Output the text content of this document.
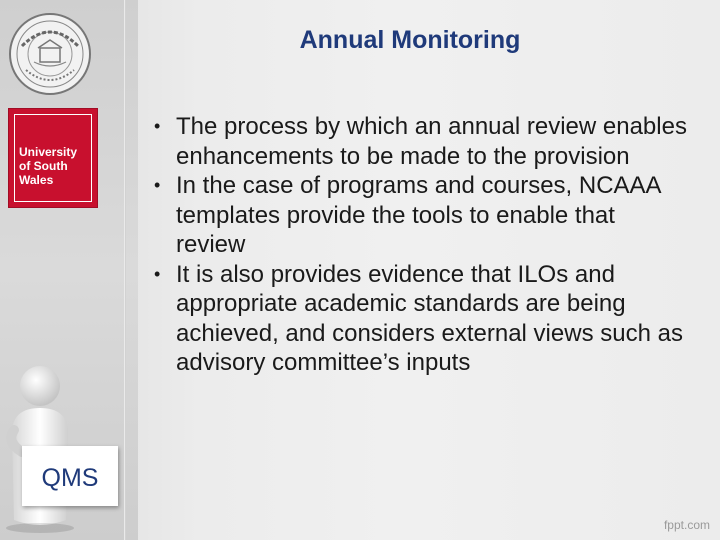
University
of South
Wales
QMS
Annual Monitoring
• The process by which an annual review enables enhancements to be made to the provision
• In the case of programs and courses, NCAAA templates provide the tools to enable that review
• It is also provides evidence that ILOs and appropriate academic standards are being achieved, and considers external views such as advisory committee’s inputs
fppt.com
